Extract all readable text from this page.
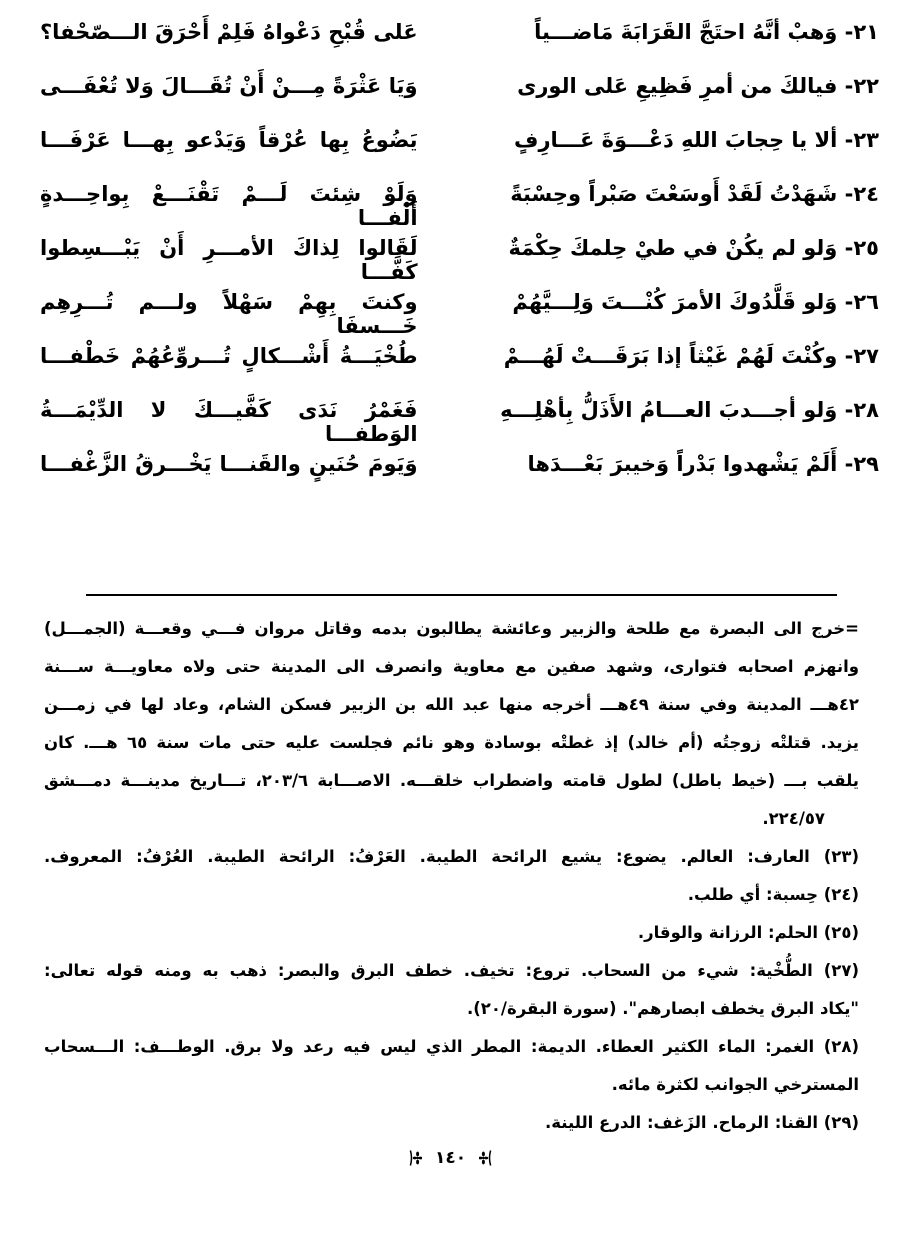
٢١- وَهبْ أنَّهُ احتَجَّ القَرَابَةَ مَاضـــياً
عَلى قُبْحِ دَعْواهُ فَلِمْ أَحْرَقَ الـــصّحْفا؟
٢٢- فيالكَ من أمرِ فَظِيعِ عَلى الورى
وَيَا عَثْرَةً مِـــنْ أَنْ تُقَـــالَ وَلا تُعْفَـــى
٢٣- ألا يا حِجابَ اللهِ دَعْـــوَةَ عَـــارِفٍ
يَضُوعُ بِها عُرْقاً وَيَدْعو بِهـــا عَرْفَـــا
٢٤- شَهَدْتُ لَقَدْ أَوسَعْتَ صَبْراً وحِسْبَةً
وَلَوْ شِئتَ لَـــمْ تَقْنَـــعْ بِواحِـــدةٍ أَلْفـــا
٢٥- وَلو لم يكُنْ في طيْ حِلمكَ حِكْمَةٌ
لَقَالوا لِذاكَ الأمـــرِ أَنْ يَبْـــسِطوا كَفَّـــا
٢٦- وَلو قَلَّدُوكَ الأمرَ كُنْـــتَ وَلِـــيَّهُمْ
وكنتَ بِهِمْ سَهْلاً ولـــم تُـــرِهِم خَـــسفَا
٢٧- وكُنْتَ لَهُمْ غَيْثاً إذا بَرَقَـــتْ لَهُـــمْ
طُخْيَـــةُ أَشْـــكالٍ تُـــروِّعُهُمْ خَطْفـــا
٢٨- وَلو أجـــدبَ العـــامُ الأَذَلُّ بِأهْلِـــهِ
فَغَمْرُ نَدَى كَفَّيـــكَ لا الدِّيْمَـــةُ الوَطفـــا
٢٩- أَلَمْ يَشْهدوا بَدْراً وَخيبرَ بَعْـــدَها
وَيَومَ حُنَينٍ والقَنـــا يَخْـــرقُ الزَّغْفـــا
=خرج الى البصرة مع طلحة والزبير وعائشة يطالبون بدمه وقاتل مروان فـــي وقعـــة (الجمـــل)
وانهزم اصحابه فتوارى، وشهد صفين مع معاوية وانصرف الى المدينة حتى ولاه معاويـــة ســـنة
٤٢هـــ المدينة وفي سنة ٤٩هـــ أخرجه منها عبد الله بن الزبير فسكن الشام، وعاد لها في زمـــن
يزيد. قتلتْه زوجتُه (أم خالد) إذ غطتْه بوسادة وهو نائم فجلست عليه حتى مات سنة ٦٥ هـــ. كان
يلقب بـــ (خيط باطل) لطول قامته واضطراب خلقـــه. الاصـــابة ٢٠٣/٦، تـــاريخ مدينـــة دمـــشق
٢٢٤/٥٧.
(٢٣) العارف: العالم. يضوع: يشيع الرائحة الطيبة. العَرْفُ: الرائحة الطيبة. العُرْفُ: المعروف.
(٢٤) حِسبة: أي طلب.
(٢٥) الحلم: الرزانة والوقار.
(٢٧) الطُّخْية: شيء من السحاب. تروع: تخيف. خطف البرق والبصر: ذهب به ومنه قوله تعالى:
"يكاد البرق يخطف ابصارهم". (سورة البقرة/٢٠).
(٢٨) الغمر: الماء الكثير العطاء. الديمة: المطر الذي ليس فيه رعد ولا برق. الوطـــف: الـــسحاب
المسترخي الجوانب لكثرة مائه.
(٢٩) القنا: الرماح. الزَغف: الدرع اللينة.
١٤٠
